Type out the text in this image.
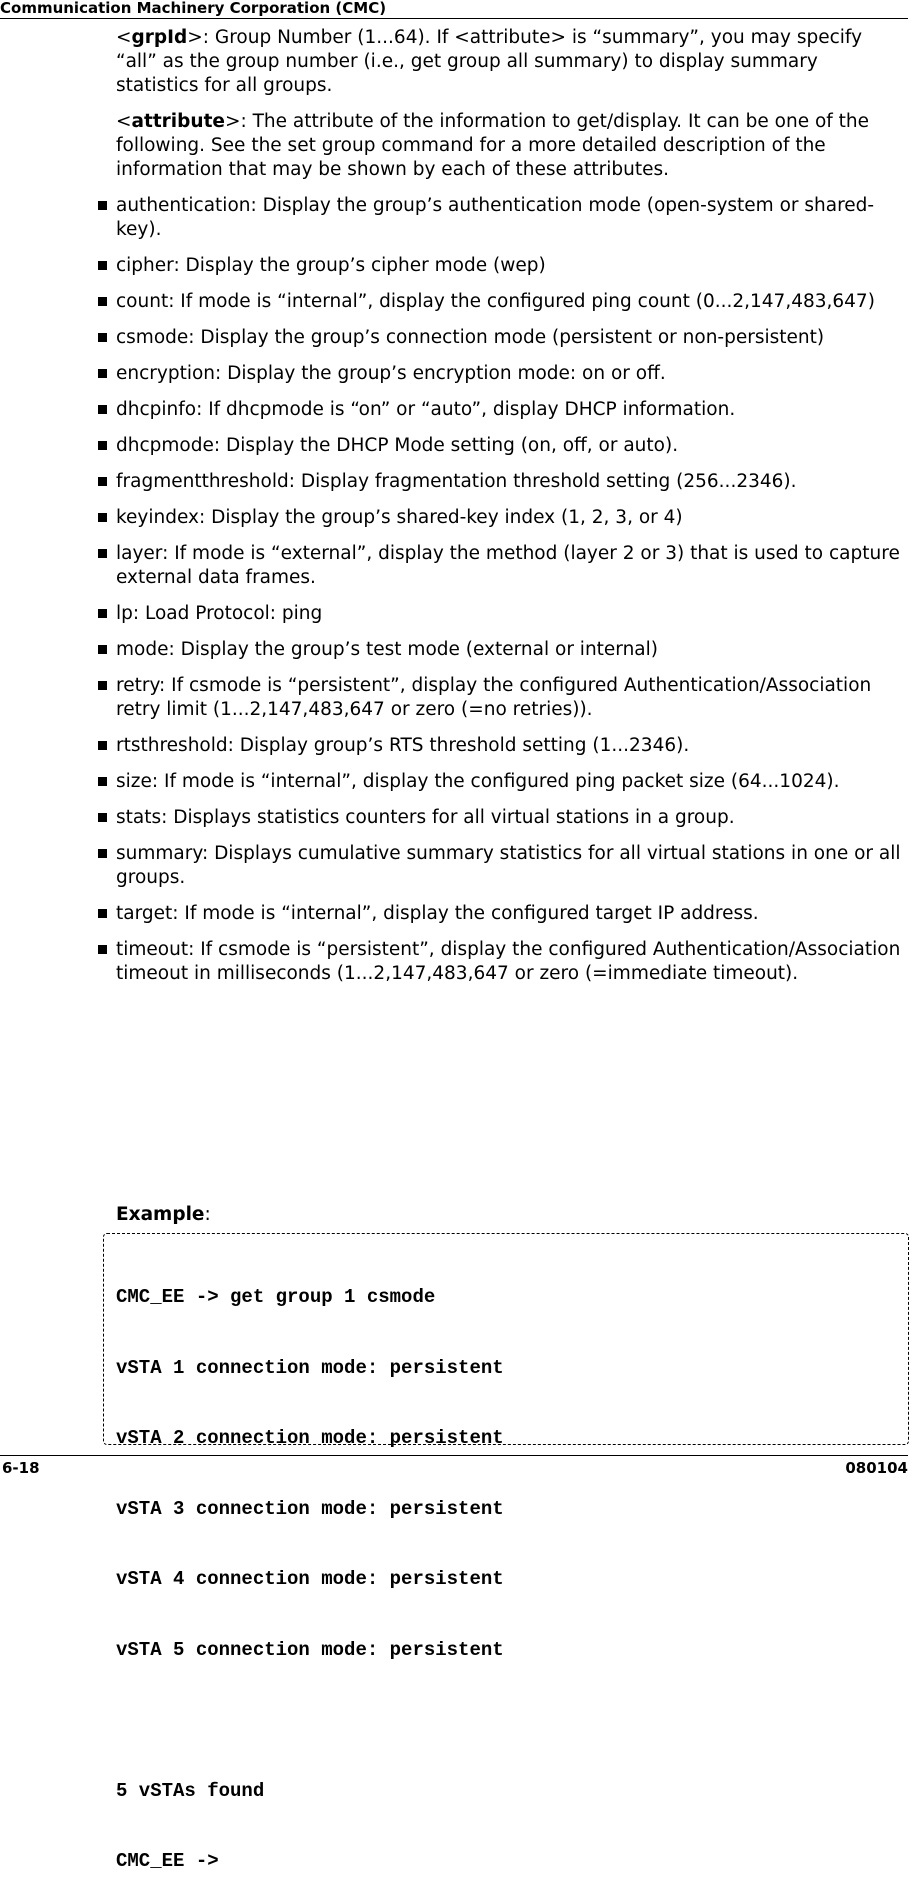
Communication Machinery Corporation (CMC)

<grpId>: Group Number (1...64). If <attribute> is “summary”, you may specify “all” as the group number (i.e., get group all summary) to display summary statistics for all groups.

<attribute>: The attribute of the information to get/display. It can be one of the following. See the set group command for a more detailed description of the information that may be shown by each of these attributes.

authentication: Display the group’s authentication mode (open-system or shared-key).
cipher: Display the group’s cipher mode (wep)
count: If mode is “internal”, display the configured ping count (0...2,147,483,647)
csmode: Display the group’s connection mode (persistent or non-persistent)
encryption: Display the group’s encryption mode: on or off.
dhcpinfo: If dhcpmode is “on” or “auto”, display DHCP information.
dhcpmode: Display the DHCP Mode setting (on, off, or auto).
fragmentthreshold: Display fragmentation threshold setting (256...2346).
keyindex: Display the group’s shared-key index (1, 2, 3, or 4)
layer: If mode is “external”, display the method (layer 2 or 3) that is used to capture external data frames.
lp: Load Protocol: ping
mode: Display the group’s test mode (external or internal)
retry: If csmode is “persistent”, display the configured Authentication/Association retry limit (1...2,147,483,647 or zero (=no retries)).
rtsthreshold: Display group’s RTS threshold setting (1...2346).
size: If mode is “internal”, display the configured ping packet size (64...1024).
stats: Displays statistics counters for all virtual stations in a group.
summary: Displays cumulative summary statistics for all virtual stations in one or all groups.
target: If mode is “internal”, display the configured target IP address.
timeout: If csmode is “persistent”, display the configured Authentication/Association timeout in milliseconds (1...2,147,483,647 or zero (=immediate timeout).
Example:

CMC_EE -> get group 1 csmode

vSTA 1 connection mode: persistent

vSTA 2 connection mode: persistent

vSTA 3 connection mode: persistent

vSTA 4 connection mode: persistent

vSTA 5 connection mode: persistent

5 vSTAs found

CMC_EE ->

6-18	080104
